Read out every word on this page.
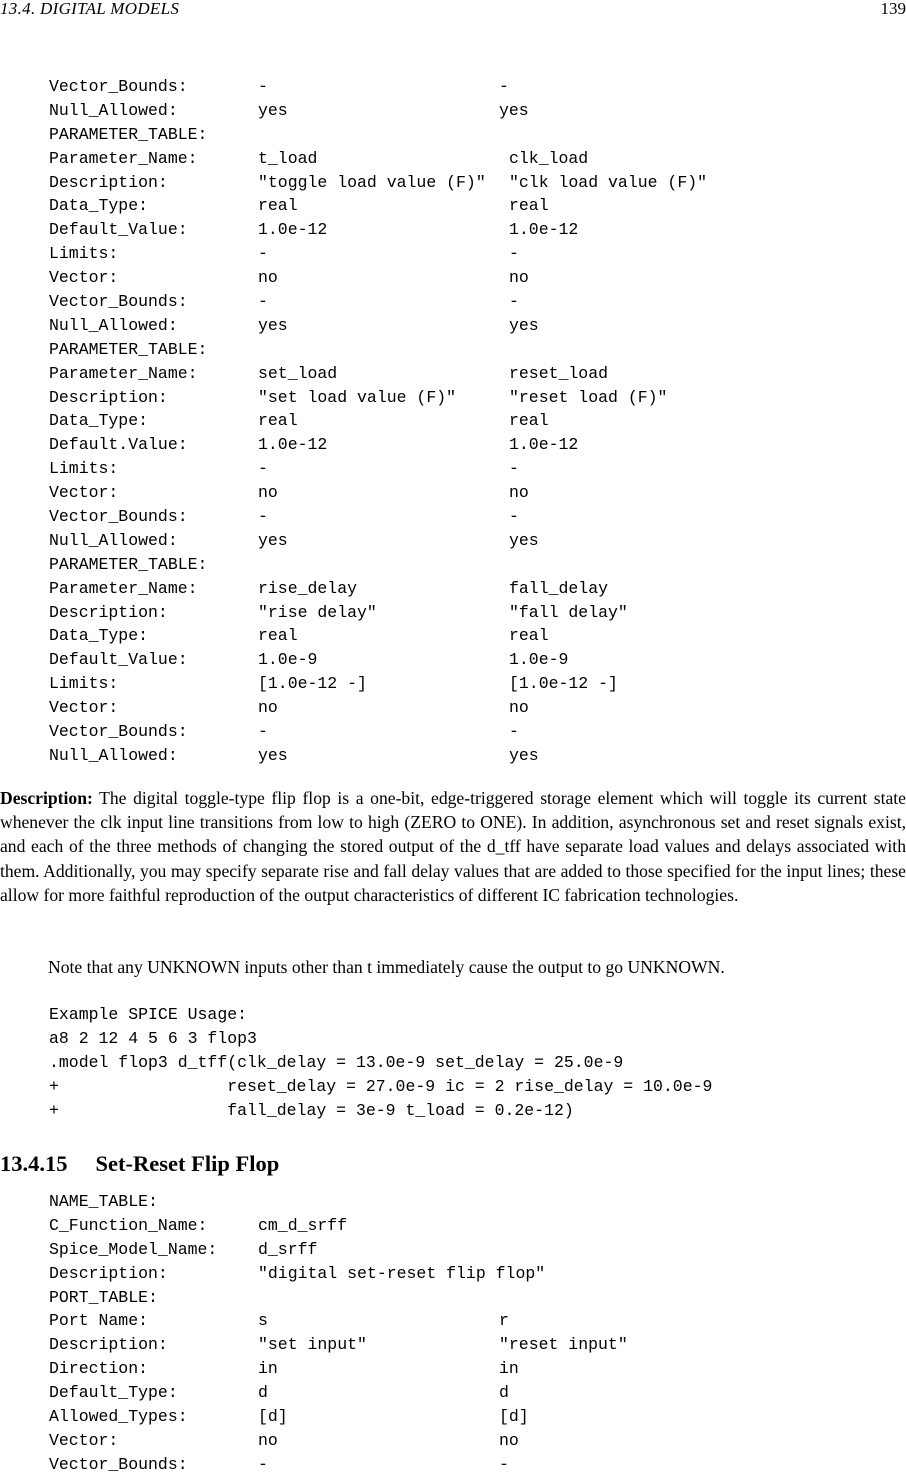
13.4. DIGITAL MODELS	139
Vector_Bounds:	-	-
Null_Allowed:	yes	yes
PARAMETER_TABLE:
Parameter_Name:	t_load	clk_load
Description:	"toggle load value (F)" "clk load value (F)"
Data_Type:	real	real
Default_Value:	1.0e-12	1.0e-12
Limits:	-	-
Vector:	no	no
Vector_Bounds:	-	-
Null_Allowed:	yes	yes
PARAMETER_TABLE:
Parameter_Name:	set_load	reset_load
Description:	"set load value (F)"	"reset load (F)"
Data_Type:	real	real
Default.Value:	1.0e-12	1.0e-12
Limits:	-	-
Vector:	no	no
Vector_Bounds:	-	-
Null_Allowed:	yes	yes
PARAMETER_TABLE:
Parameter_Name:	rise_delay	fall_delay
Description:	"rise delay"	"fall delay"
Data_Type:	real	real
Default_Value:	1.0e-9	1.0e-9
Limits:	[1.0e-12 -]	[1.0e-12 -]
Vector:	no	no
Vector_Bounds:	-	-
Null_Allowed:	yes	yes

Description: The digital toggle-type flip flop is a one-bit, edge-triggered storage element which will toggle its current state whenever the clk input line transitions from low to high (ZERO to ONE). In addition, asynchronous set and reset signals exist, and each of the three methods of changing the stored output of the d_tff have separate load values and delays associated with them. Additionally, you may specify separate rise and fall delay values that are added to those specified for the input lines; these allow for more faithful reproduction of the output characteristics of different IC fabrication technologies.

Note that any UNKNOWN inputs other than t immediately cause the output to go UNKNOWN.
Example SPICE Usage:
a8 2 12 4 5 6 3 flop3
.model flop3 d_tff(clk_delay = 13.0e-9 set_delay = 25.0e-9
+                 reset_delay = 27.0e-9 ic = 2 rise_delay = 10.0e-9
+                 fall_delay = 3e-9 t_load = 0.2e-12)
13.4.15 Set-Reset Flip Flop
NAME_TABLE:
C_Function_Name:	cm_d_srff
Spice_Model_Name: d_srff
Description:	"digital set-reset flip flop"
PORT_TABLE:
Port Name:	s	r
Description:	"set input"	"reset input"
Direction:	in	in
Default_Type:	d	d
Allowed_Types:	[d]	[d]
Vector:	no	no
Vector_Bounds:	-	-
